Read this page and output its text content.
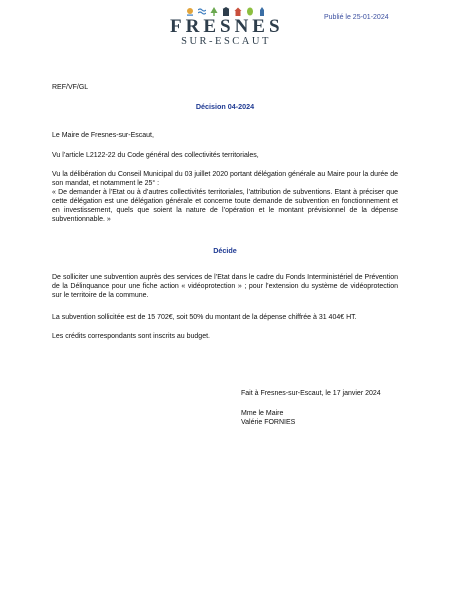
FRESNES
SUR-ESCAUT
Publié le 25-01-2024
REF/VF/GL
Décision 04-2024
Le Maire de Fresnes-sur-Escaut,
Vu l’article L2122-22 du Code général des collectivités territoriales,
Vu la délibération du Conseil Municipal du 03 juillet 2020 portant délégation générale au Maire pour la durée de son mandat, et notamment le 25° :
« De demander à l’Etat ou à d’autres collectivités territoriales, l’attribution de subventions. Etant à préciser que cette délégation est une délégation générale et concerne toute demande de subvention en fonctionnement et en investissement, quels que soient la nature de l’opération et le montant prévisionnel de la dépense subventionnable. »
Décide
De solliciter une subvention auprès des services de l’Etat dans le cadre du Fonds Interministériel de Prévention de la Délinquance pour une fiche action « vidéoprotection » ; pour l’extension du système de vidéoprotection sur le territoire de la commune.
La subvention sollicitée est de 15 702€, soit 50% du montant de la dépense chiffrée à 31 404€ HT.
Les crédits correspondants sont inscrits au budget.
Fait à Fresnes-sur-Escaut, le 17 janvier 2024
Mme le Maire
Valérie FORNIES
